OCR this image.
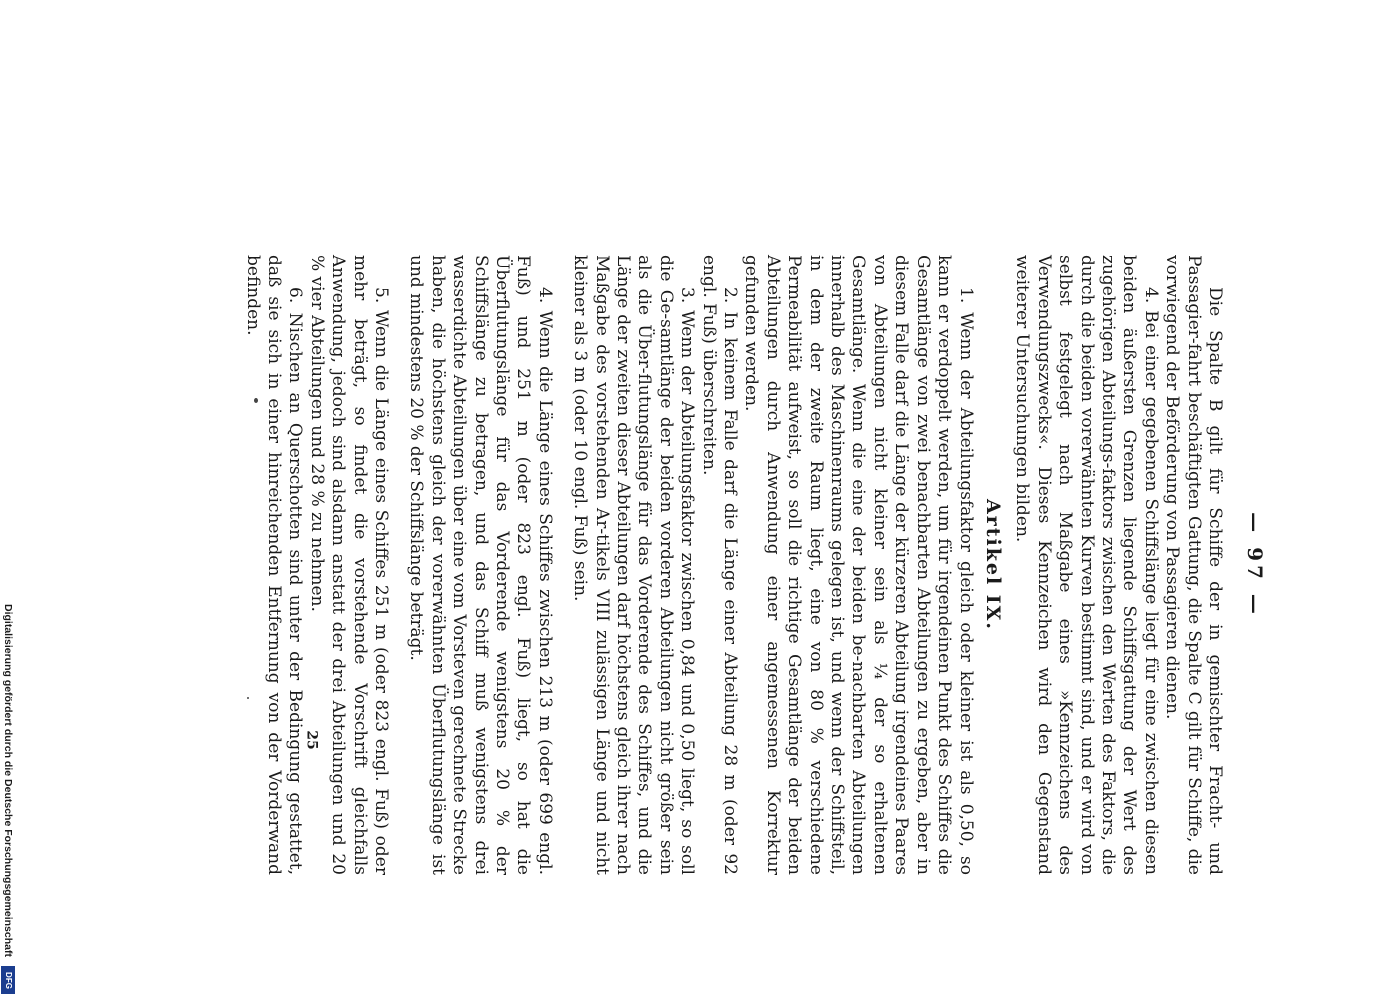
— 97 —

Die Spalte B gilt für Schiffe der in gemischter Fracht- und Passagier-fahrt beschäftigten Gattung, die Spalte C gilt für Schiffe, die vorwiegend der Beförderung von Passagieren dienen.

4. Bei einer gegebenen Schiffslänge liegt für eine zwischen diesen beiden äußersten Grenzen liegende Schiffsgattung der Wert des zugehörigen Abteilungs-faktors zwischen den Werten des Faktors, die durch die beiden vorerwähnten Kurven bestimmt sind, und er wird von selbst festgelegt nach Maßgabe eines »Kennzeichens des Verwendungszwecks«. Dieses Kennzeichen wird den Gegenstand weiterer Untersuchungen bilden.

Artikel IX.

1. Wenn der Abteilungsfaktor gleich oder kleiner ist als 0,50, so kann er verdoppelt werden, um für irgendeinen Punkt des Schiffes die Gesamtlänge von zwei benachbarten Abteilungen zu ergeben, aber in diesem Falle darf die Länge der kürzeren Abteilung irgendeines Paares von Abteilungen nicht kleiner sein als ¼ der so erhaltenen Gesamtlänge. Wenn die eine der beiden be-nachbarten Abteilungen innerhalb des Maschinenraums gelegen ist, und wenn der Schiffsteil, in dem der zweite Raum liegt, eine von 80 % verschiedene Permeabilität aufweist, so soll die richtige Gesamtlänge der beiden Abteilungen durch Anwendung einer angemessenen Korrektur gefunden werden.

2. In keinem Falle darf die Länge einer Abteilung 28 m (oder 92 engl. Fuß) überschreiten.

3. Wenn der Abteilungsfaktor zwischen 0,84 und 0,50 liegt, so soll die Ge-samtlänge der beiden vorderen Abteilungen nicht größer sein als die Über-flutungslänge für das Vorderende des Schiffes, und die Länge der zweiten dieser Abteilungen darf höchstens gleich ihrer nach Maßgabe des vorstehenden Ar-tikels VIII zulässigen Länge und nicht kleiner als 3 m (oder 10 engl. Fuß) sein.

4. Wenn die Länge eines Schiffes zwischen 213 m (oder 699 engl. Fuß) und 251 m (oder 823 engl. Fuß) liegt, so hat die Überflutungslänge für das Vorderende wenigstens 20 % der Schiffslänge zu betragen, und das Schiff muß wenigstens drei wasserdichte Abteilungen über eine vom Vorsteven gerechnete Strecke haben, die höchstens gleich der vorerwähnten Überflutungslänge ist und mindestens 20 % der Schiffslänge beträgt.

5. Wenn die Länge eines Schiffes 251 m (oder 823 engl. Fuß) oder mehr beträgt, so findet die vorstehende Vorschrift gleichfalls Anwendung, jedoch sind alsdann anstatt der drei Abteilungen und 20 % vier Abteilungen und 28 % zu nehmen.

6. Nischen an Querschotten sind unter der Bedingung gestattet, daß sie sich in einer hinreichenden Entfernung von der Vorderwand befinden.

25
Digitalisierung gefördert durch die Deutsche Forschungsgemeinschaft
DFG
